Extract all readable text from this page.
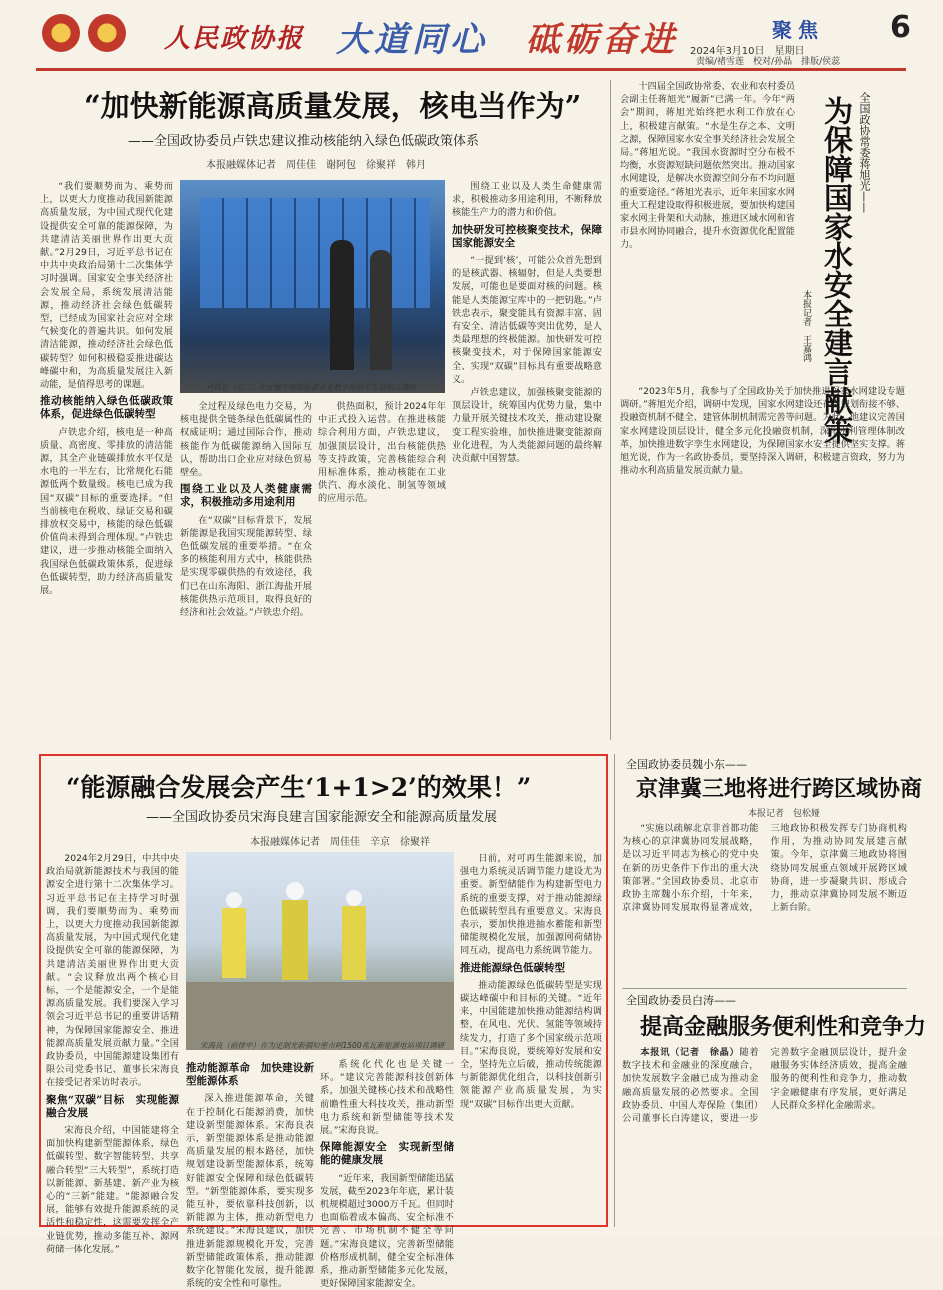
人民政协报 大道同心　 砥砺奋进	聚焦 6
2024年3月10日　星期日
责编/褚雪莲　校对/孙晶　排版/侯蕊
“加快新能源高质量发展，核电当作为”
——全国政协委员卢铁忠建议推动核能纳入绿色低碳政策体系
本报融媒体记者　周佳佳　谢阿包　徐聚祥　韩月

“我们要顺势而为、乘势而上，以更大力度推动我国新能源高质量发展，为中国式现代化建设提供安全可靠的能源保障，为共建清洁美丽世界作出更大贡献。”2月29日，习近平总书记在中共中央政治局第十二次集体学习时强调。国家安全事关经济社会发展全局，系统发展清洁能源，推动经济社会绿色低碳转型，已经成为国家社会应对全球气候变化的普遍共识。如何发展清洁能源，推动经济社会绿色低碳转型？如何积极稳妥推进碳达峰碳中和，为高质量发展注入新动能，是值得思考的课题。

推动核能纳入绿色低碳政策体系，促进绿色低碳转型

卢铁忠介绍，核电是一种高质量、高密度、零排放的清洁能源，其全产业链碳排放水平仅是水电的一半左右，比常规化石能源低两个数量级。核电已成为我国“双碳”目标的重要选择。“但当前核电在税收、绿证交易和碳排放权交易中，核能的绿色低碳价值尚未得到合理体现。”卢铁忠建议，进一步推动核能全面纳入我国绿色低碳政策体系，促进绿色低碳转型，助力经济高质量发展。

卢铁忠（右二）在安徽开展新能源企业数字化转型发展相关调研

全过程及绿色电力交易，为核电提供全链条绿色低碳属性的权威证明；通过国际合作，推动核能作为低碳能源纳入国际互认，帮助出口企业应对绿色贸易壁垒。

围绕工业以及人类健康需求，积极推动多用途利用

在“双碳”目标背景下，发展新能源是我国实现能源转型、绿色低碳发展的重要举措。“在众多的核能利用方式中，核能供热是实现零碳供热的有效途径，我们已在山东海阳、浙江海盐开展核能供热示范项目，取得良好的经济和社会效益。”卢铁忠介绍。

供热面积，预计2024年年中正式投入运营。在推进核能综合利用方面，卢铁忠建议，加强顶层设计，出台核能供热等支持政策，完善核能综合利用标准体系，推动核能在工业供汽、海水淡化、制氢等领域的应用示范。

围绕工业以及人类生命健康需求，积极推动多用途利用，不断释放核能生产力的潜力和价值。

加快研发可控核聚变技术，保障国家能源安全

“一提到‘核’，可能公众首先想到的是核武器、核辐射，但是人类要想发展，可能也是要面对核的问题。核能是人类能源宝库中的一把钥匙。”卢铁忠表示，聚变能具有资源丰富、固有安全、清洁低碳等突出优势，是人类最理想的终极能源。加快研发可控核聚变技术，对于保障国家能源安全、实现“双碳”目标具有重要战略意义。

卢铁忠建议，加强核聚变能源的顶层设计，统筹国内优势力量，集中力量开展关键技术攻关，推动建设聚变工程实验堆，加快推进聚变能源商业化进程，为人类能源问题的最终解决贡献中国智慧。

全国政协常委蒋旭光——
为保障国家水安全建言献策
本报记者　王嘉鸿

十四届全国政协常委、农业和农村委员会副主任蒋旭光“履新”已满一年。今年“两会”期间，蒋旭光始终把水利工作放在心上，积极建言献策。“水是生存之本、文明之源，保障国家水安全事关经济社会发展全局。”蒋旭光说。“我国水资源时空分布极不均衡，水资源短缺问题依然突出。推动国家水网建设，是解决水资源空间分布不均问题的重要途径。”蒋旭光表示，近年来国家水网重大工程建设取得积极进展，要加快构建国家水网主骨架和大动脉，推进区域水网和省市县水网协同融合，提升水资源优化配置能力。

“2023年5月，我参与了全国政协关于加快推进国家水网建设专题调研。”蒋旭光介绍，调研中发现，国家水网建设还存在规划衔接不够、投融资机制不健全、建管体制机制需完善等问题。为此，他建议完善国家水网建设顶层设计，健全多元化投融资机制，深化水利管理体制改革，加快推进数字孪生水网建设，为保障国家水安全提供坚实支撑。蒋旭光说，作为一名政协委员，要坚持深入调研，积极建言资政，努力为推动水利高质量发展贡献力量。

“能源融合发展会产生‘1+1>2’的效果！”
——全国政协委员宋海良建言国家能源安全和能源高质量发展
本报融媒体记者　周佳佳　辛京　徐聚祥

2024年2月29日，中共中央政治局就新能源技术与我国的能源安全进行第十二次集体学习。习近平总书记在主持学习时强调，我们要顺势而为、乘势而上，以更大力度推动我国新能源高质量发展，为中国式现代化建设提供安全可靠的能源保障，为共建清洁美丽世界作出更大贡献。“会议释放出两个核心目标，一个是能源安全，一个是能源高质量发展。我们要深入学习领会习近平总书记的重要讲话精神，为保障国家能源安全、推进能源高质量发展贡献力量。”全国政协委员，中国能源建设集团有限公司党委书记、董事长宋海良在接受记者采访时表示。

聚焦“双碳”目标　实现能源融合发展

宋海良介绍，中国能建将全面加快构建新型能源体系，绿色低碳转型、数字智能转型、共享融合转型“三大转型”，系统打造以新能源、新基建、新产业为核心的“三新”能建。“能源融合发展，能够有效提升能源系统的灵活性和稳定性，这需要发挥全产业链优势，推动多能互补、源网荷储一体化发展。”

宋海良（前排中）在为定制光新疆哈密市阿1500兆瓦新能源电站项目调研

推动能源革命　加快建设新型能源体系

深入推进能源革命，关键在于控制化石能源消费，加快建设新型能源体系。宋海良表示，新型能源体系是推动能源高质量发展的根本路径，加快规划建设新型能源体系，统筹好能源安全保障和绿色低碳转型。“新型能源体系，要实现多能互补，要依靠科技创新，以新能源为主体，推动新型电力系统建设。”宋海良建议，加快推进新能源规模化开发，完善新型储能政策体系，推动能源数字化智能化发展，提升能源系统的安全性和可靠性。

系统化代化也是关键一环。“建议完善能源科技创新体系，加强关键核心技术和战略性前瞻性重大科技攻关，推动新型电力系统和新型储能等技术发展。”宋海良说。

保障能源安全　实现新型储能的健康发展

“近年来，我国新型储能迅猛发展，截至2023年年底，累计装机规模超过3000万千瓦。但同时也面临着成本偏高、安全标准不完善、市场机制不健全等问题。”宋海良建议，完善新型储能价格形成机制，健全安全标准体系，推动新型储能多元化发展，更好保障国家能源安全。

日前，对可再生能源来说，加强电力系统灵活调节能力建设尤为重要。新型储能作为构建新型电力系统的重要支撑，对于推动能源绿色低碳转型具有重要意义。宋海良表示，要加快推进抽水蓄能和新型储能规模化发展，加强源网荷储协同互动，提高电力系统调节能力。

推进能源绿色低碳转型

推动能源绿色低碳转型是实现碳达峰碳中和目标的关键。“近年来，中国能建加快推动能源结构调整，在风电、光伏、氢能等领域持续发力，打造了多个国家级示范项目。”宋海良说，要统筹好发展和安全，坚持先立后破，推动传统能源与新能源优化组合，以科技创新引领能源产业高质量发展，为实现“双碳”目标作出更大贡献。

全国政协委员魏小东——
京津冀三地将进行跨区域协商
本报记者　包松娅

“实施以疏解北京非首都功能为核心的京津冀协同发展战略，是以习近平同志为核心的党中央在新的历史条件下作出的重大决策部署。”全国政协委员、北京市政协主席魏小东介绍，十年来，京津冀协同发展取得显著成效，三地政协积极发挥专门协商机构作用，为推动协同发展建言献策。今年，京津冀三地政协将围绕协同发展重点领域开展跨区域协商，进一步凝聚共识、形成合力，推动京津冀协同发展不断迈上新台阶。

全国政协委员白涛——
提高金融服务便利性和竞争力

本报讯（记者　徐晶）随着数字技术和金融业的深度融合，加快发展数字金融已成为推动金融高质量发展的必然要求。全国政协委员、中国人寿保险（集团）公司董事长白涛建议，要进一步完善数字金融顶层设计，提升金融服务实体经济质效，提高金融服务的便利性和竞争力，推动数字金融健康有序发展，更好满足人民群众多样化金融需求。
